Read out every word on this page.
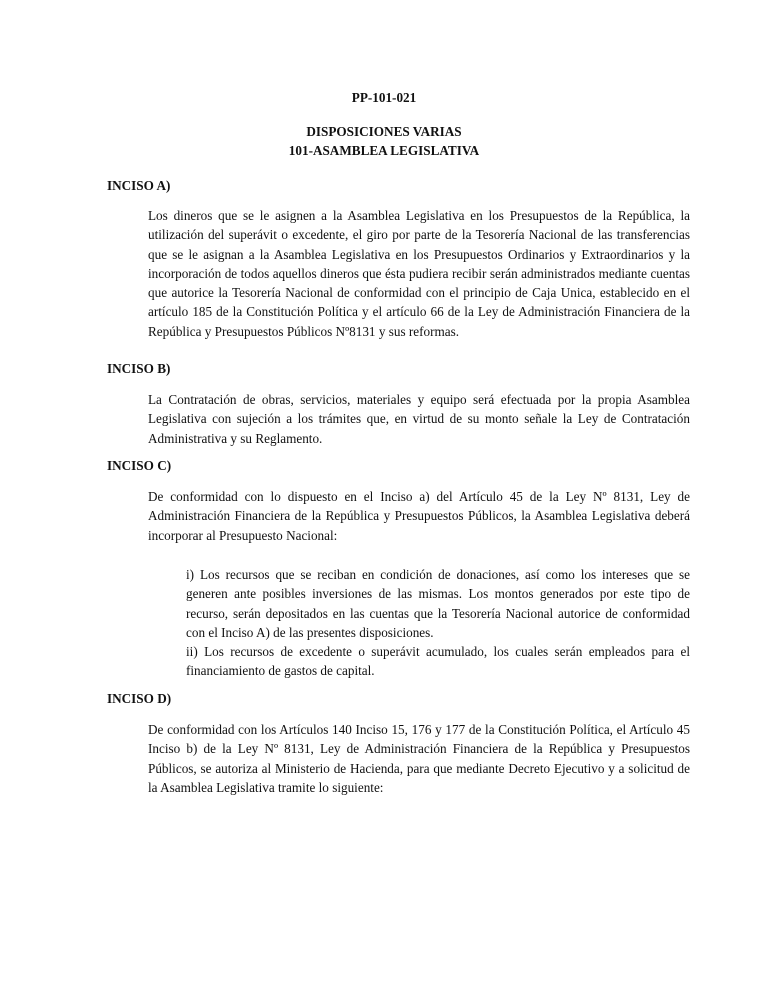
PP-101-021

DISPOSICIONES VARIAS

101-ASAMBLEA LEGISLATIVA

INCISO A)

Los dineros que se le asignen a la Asamblea Legislativa en los Presupuestos de la República, la utilización del superávit o excedente, el giro por parte de la Tesorería Nacional de las transferencias que se le asignan a la Asamblea Legislativa en los Presupuestos Ordinarios y Extraordinarios y la incorporación de todos aquellos dineros que ésta pudiera recibir serán administrados mediante cuentas que autorice la Tesorería Nacional de conformidad con el principio de Caja Unica, establecido en el artículo 185 de la Constitución Política y el artículo 66 de la Ley de Administración Financiera de la República y Presupuestos Públicos Nº8131 y sus reformas.

INCISO B)

La Contratación de obras, servicios, materiales y equipo será efectuada por la propia Asamblea Legislativa con sujeción a los trámites que, en virtud de su monto señale la Ley de Contratación Administrativa y su Reglamento.

INCISO C)

De conformidad con lo dispuesto en el Inciso a) del Artículo 45 de la Ley Nº 8131, Ley de Administración Financiera de la República y Presupuestos Públicos, la Asamblea Legislativa deberá incorporar al Presupuesto Nacional:

i) Los recursos que se reciban en condición de donaciones, así como los intereses que se generen ante posibles inversiones de las mismas. Los montos generados por este tipo de recurso, serán depositados en las cuentas que la Tesorería Nacional autorice de conformidad con el Inciso A) de las presentes disposiciones.

ii) Los recursos de excedente o superávit acumulado, los cuales serán empleados para el financiamiento de gastos de capital.

INCISO D)

De conformidad con los Artículos 140 Inciso 15, 176 y 177 de la Constitución Política, el Artículo 45 Inciso b) de la Ley Nº 8131, Ley de Administración Financiera de la República y Presupuestos Públicos, se autoriza al Ministerio de Hacienda, para que mediante Decreto Ejecutivo y a solicitud de la Asamblea Legislativa tramite lo siguiente:
